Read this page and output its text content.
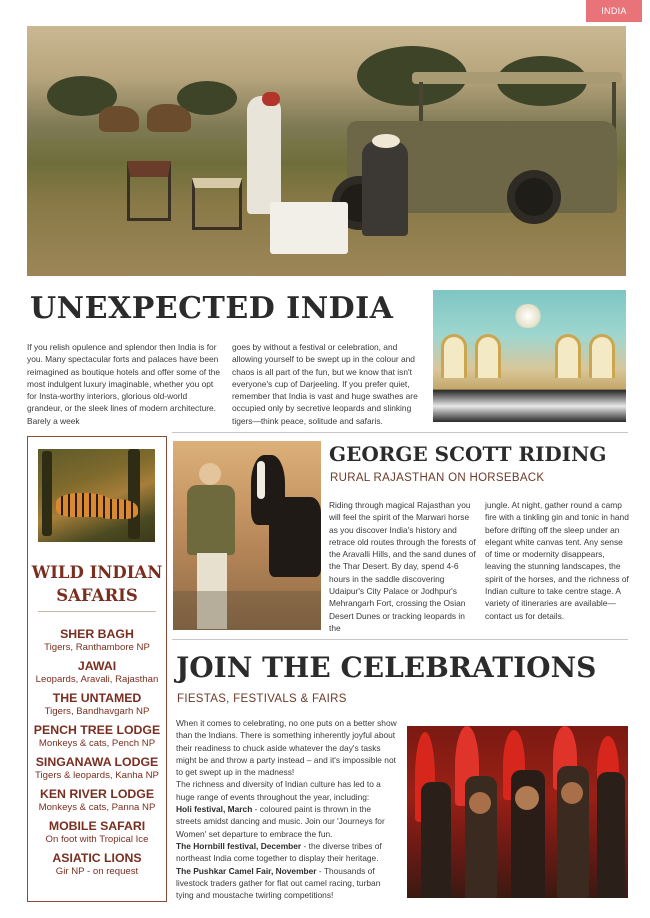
INDIA
UNEXPECTED INDIA
If you relish opulence and splendor then India is for you. Many spectacular forts and palaces have been reimagined as boutique hotels and offer some of the most indulgent luxury imaginable, whether you opt for Insta-worthy interiors, glorious old-world grandeur, or the sleek lines of modern architecture. Barely a week
goes by without a festival or celebration, and allowing yourself to be swept up in the colour and chaos is all part of the fun, but we know that isn't everyone's cup of Darjeeling. If you prefer quiet, remember that India is vast and huge swathes are occupied only by secretive leopards and slinking tigers—think peace, solitude and safaris.
WILD INDIAN
SAFARIS
SHER BAGH
Tigers, Ranthambore NP
JAWAI
Leopards, Aravali, Rajasthan
THE UNTAMED
Tigers, Bandhavgarh NP
PENCH TREE LODGE
Monkeys & cats, Pench NP
SINGANAWA LODGE
Tigers & leopards, Kanha NP
KEN RIVER LODGE
Monkeys & cats, Panna NP
MOBILE SAFARI
On foot with Tropical Ice
ASIATIC LIONS
Gir NP - on request
GEORGE SCOTT RIDING
RURAL RAJASTHAN ON HORSEBACK
Riding through magical Rajasthan you will feel the spirit of the Marwari horse as you discover India's history and retrace old routes through the forests of the Aravalli Hills, and the sand dunes of the Thar Desert. By day, spend 4-6 hours in the saddle discovering Udaipur's City Palace or Jodhpur's Mehrangarh Fort, crossing the Osian Desert Dunes or tracking leopards in the
jungle. At night, gather round a camp fire with a tinkling gin and tonic in hand before drifting off the sleep under an elegant white canvas tent. Any sense of time or modernity disappears, leaving the stunning landscapes, the spirit of the horses, and the richness of Indian culture to take centre stage. A variety of itineraries are available—contact us for details.
JOIN THE CELEBRATIONS
FIESTAS, FESTIVALS & FAIRS

When it comes to celebrating, no one puts on a better show than the Indians. There is something inherently joyful about their readiness to chuck aside whatever the day's tasks might be and throw a party instead – and it's impossible not to get swept up in the madness!

The richness and diversity of Indian culture has led to a huge range of events throughout the year, including:

Holi festival, March - coloured paint is thrown in the streets amidst dancing and music. Join our 'Journeys for Women' set departure to embrace the fun.

The Hornbill festival, December - the diverse tribes of northeast India come together to display their heritage.

The Pushkar Camel Fair, November - Thousands of livestock traders gather for flat out camel racing, turban tying and moustache twirling competitions!
